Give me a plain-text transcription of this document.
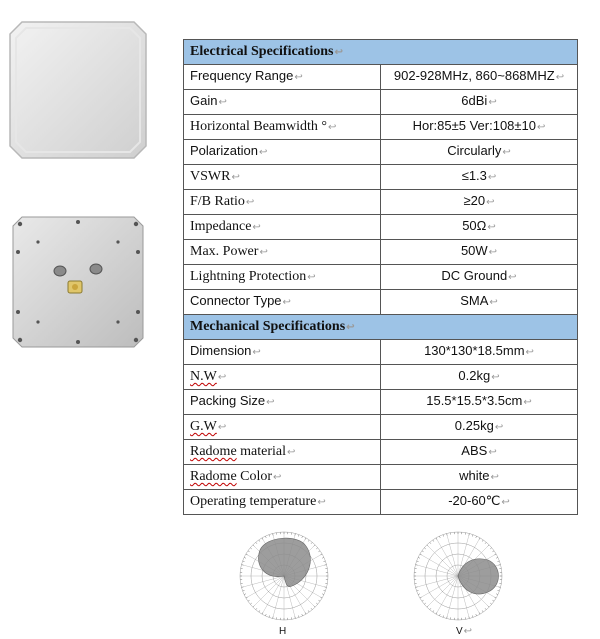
Electrical Specifications↩	
Frequency Range↩	902-928MHz, 860~868MHZ↩
Gain↩	6dBi↩
Horizontal Beamwidth °↩	Hor:85±5 Ver:108±10↩
Polarization↩	Circularly↩
VSWR↩	≤1.3↩
F/B Ratio↩	≥20↩
Impedance↩	50Ω↩
Max. Power↩	50W↩
Lightning Protection↩	DC Ground↩
Connector Type↩	SMA↩
Mechanical Specifications↩	
Dimension↩	130*130*18.5mm↩
N.W↩	0.2kg↩
Packing Size↩	15.5*15.5*3.5cm↩
G.W↩	0.25kg↩
Radome material↩	ABS↩
Radome Color↩	white↩
Operating temperature↩	-20-60℃↩
H	V↩
